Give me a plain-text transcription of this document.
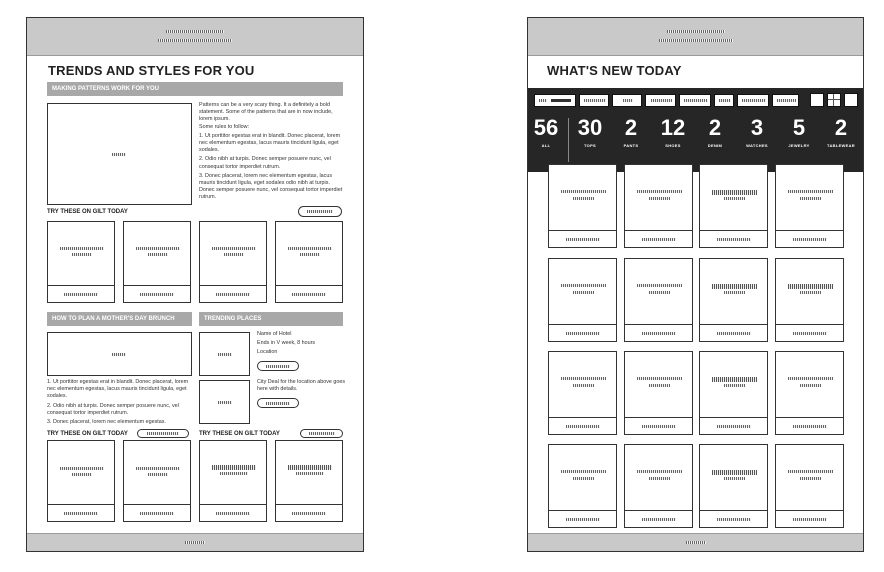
TRENDS AND STYLES FOR YOU
MAKING PATTERNS WORK FOR YOU

Patterns can be a very scary thing. It a definitely a bold statement. Some of the patterns that are in now include, lorem ipsum.

Some rules to follow:

1. Ut porttitor egestas erat in blandit. Donec placerat, lorem nec elementum egestas, lacus mauris tincidunt ligula, eget sodales.

2. Odio nibh at turpis. Donec semper posuere nunc, vel consequat tortor imperdiet rutrum.

3. Donec placerat, lorem nec elementum egestas, lacus mauris tincidunt ligula, eget sodales odio nibh at turpis. Donec semper posuere nunc, vel consequat tortor imperdiet rutrum.

TRY THESE ON GILT TODAY
HOW TO PLAN A MOTHER'S DAY BRUNCH	TRENDING PLACES

1. Ut porttitor egestas erat in blandit. Donec placerat, lorem nec elementum egestas, lacus mauris tincidunt ligula, eget sodales.

2. Odio nibh at turpis. Donec semper posuere nunc, vel consequat tortor imperdiet rutrum.

3. Donec placerat, lorem nec elementum egestas.

Name of Hotel

Ends in V week, 8 hours

Location

City Deal for the location above goes here with details.
TRY THESE ON GILT TODAY	TRY THESE ON GILT TODAY
WHAT'S NEW TODAY
56
ALL
30
TOPS
2
PANTS
12
SHOES
2
DENIM
3
WATCHES
5
JEWELRY
2
TABLEWEAR
